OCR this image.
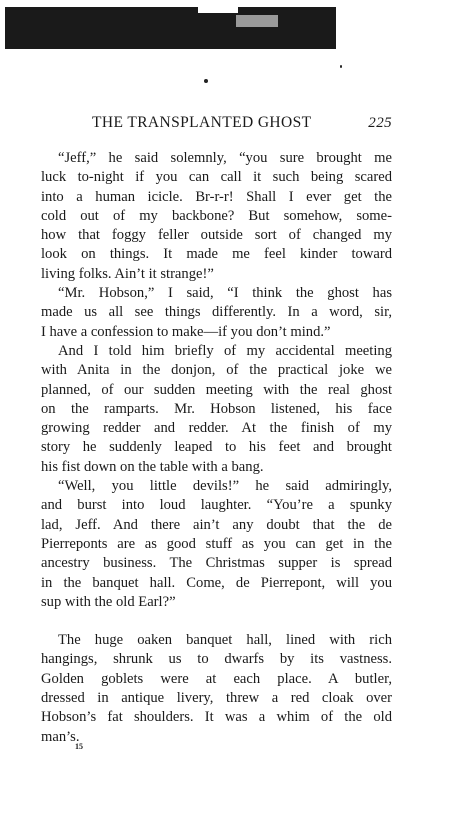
THE TRANSPLANTED GHOST	225
“Jeff,” he said solemnly, “you sure brought me
luck to-night if you can call it such being scared
into a human icicle. Br-r-r! Shall I ever get the
cold out of my backbone? But somehow, some-
how that foggy feller outside sort of changed my
look on things. It made me feel kinder toward
living folks. Ain’t it strange!”
“Mr. Hobson,” I said, “I think the ghost has
made us all see things differently. In a word, sir,
I have a confession to make—if you don’t mind.”
And I told him briefly of my accidental meeting
with Anita in the donjon, of the practical joke we
planned, of our sudden meeting with the real ghost
on the ramparts. Mr. Hobson listened, his face
growing redder and redder. At the finish of my
story he suddenly leaped to his feet and brought
his fist down on the table with a bang.
“Well, you little devils!” he said admiringly,
and burst into loud laughter. “You’re a spunky
lad, Jeff. And there ain’t any doubt that the de
Pierreponts are as good stuff as you can get in the
ancestry business. The Christmas supper is spread
in the banquet hall. Come, de Pierrepont, will you
sup with the old Earl?”
The huge oaken banquet hall, lined with rich
hangings, shrunk us to dwarfs by its vastness.
Golden goblets were at each place. A butler,
dressed in antique livery, threw a red cloak over
Hobson’s fat shoulders. It was a whim of the old
man’s.
15
